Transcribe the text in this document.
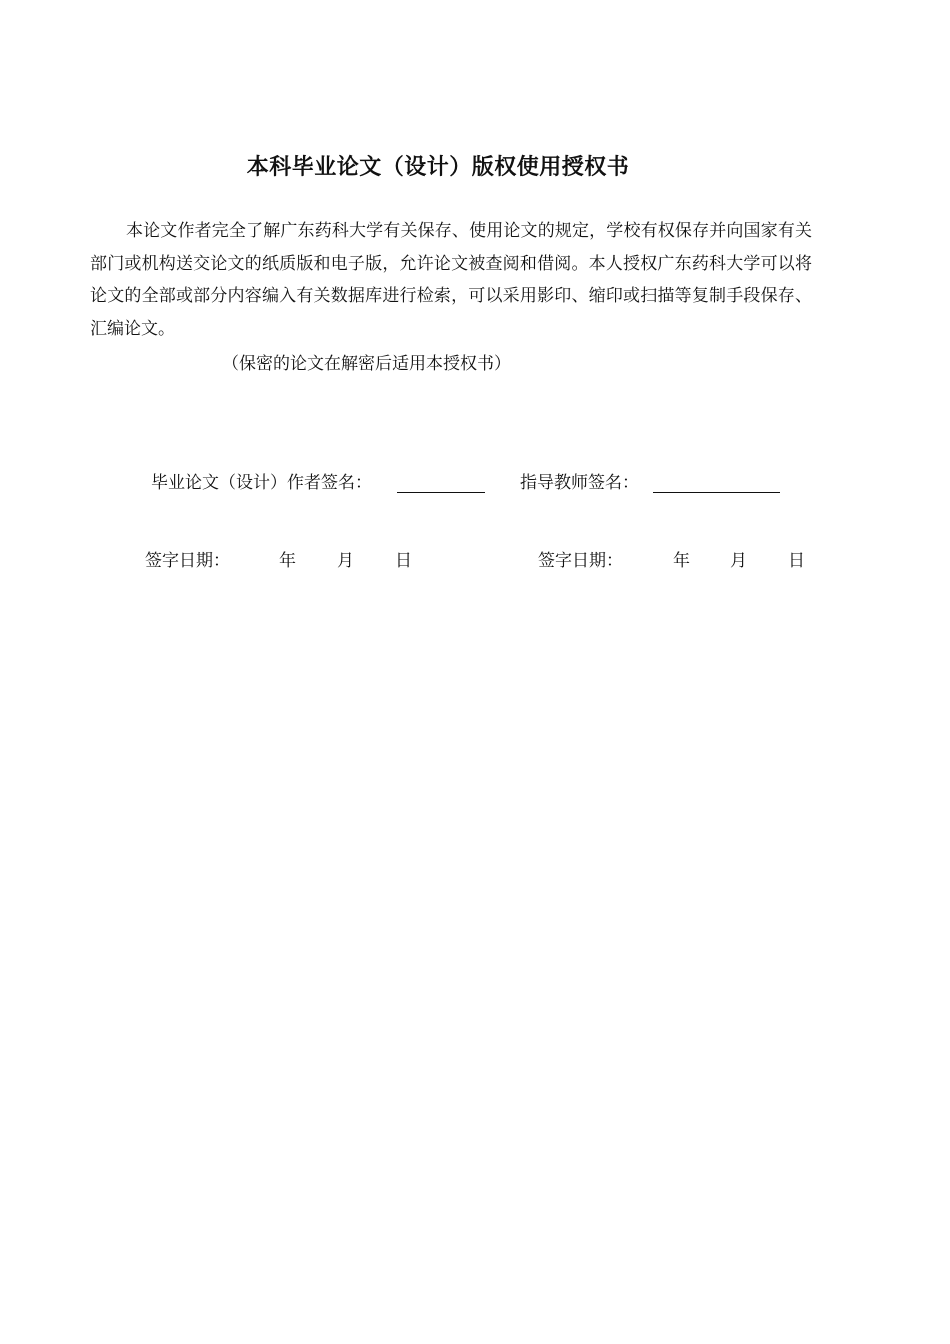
本科毕业论文（设计）版权使用授权书

本论文作者完全了解广东药科大学有关保存、使用论文的规定，学校有权保存并向国家有关部门或机构送交论文的纸质版和电子版，允许论文被查阅和借阅。本人授权广东药科大学可以将论文的全部或部分内容编入有关数据库进行检索，可以采用影印、缩印或扫描等复制手段保存、汇编论文。

（保密的论文在解密后适用本授权书）
毕业论文（设计）作者签名：	指导教师签名：
签字日期：	年 月 日	签字日期：	年 月 日
